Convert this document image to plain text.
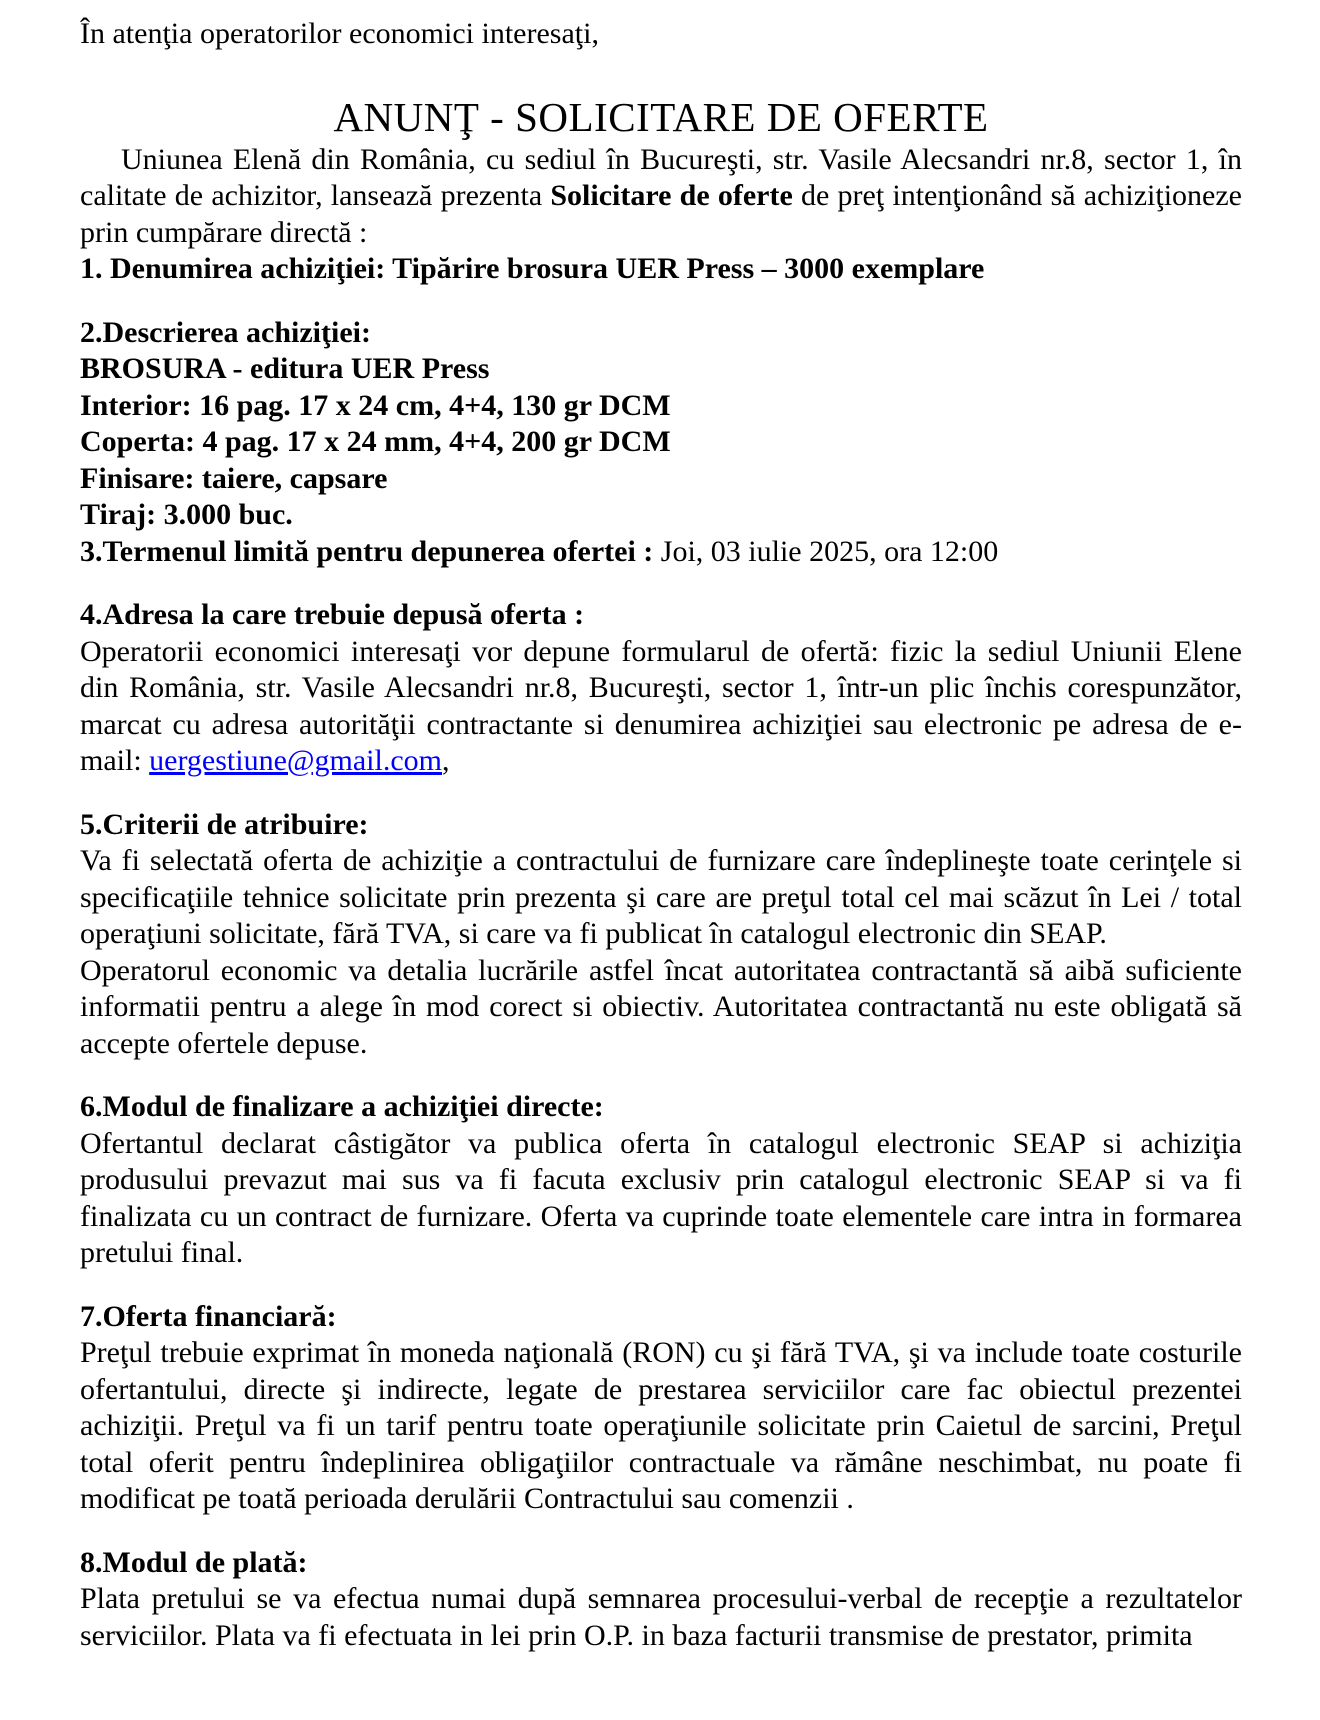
În atenţia operatorilor economici interesaţi,

ANUNŢ - SOLICITARE DE OFERTE

Uniunea Elenă din România, cu sediul în Bucureşti, str. Vasile Alecsandri nr.8, sector 1, în calitate de achizitor, lansează prezenta Solicitare de oferte de preţ intenţionând să achiziţioneze prin cumpărare directă :

1. Denumirea achiziţiei: Tipărire brosura UER Press – 3000 exemplare

2.Descrierea achiziţiei:

BROSURA - editura UER Press

Interior: 16 pag. 17 x 24 cm, 4+4, 130 gr DCM

Coperta: 4 pag. 17 x 24 mm, 4+4, 200 gr DCM

Finisare: taiere, capsare

Tiraj: 3.000 buc.

3.Termenul limită pentru depunerea ofertei : Joi, 03 iulie 2025, ora 12:00

4.Adresa la care trebuie depusă oferta :

Operatorii economici interesaţi vor depune formularul de ofertă: fizic la sediul Uniunii Elene din România, str. Vasile Alecsandri nr.8, Bucureşti, sector 1, într-un plic închis corespunzător, marcat cu adresa autorităţii contractante si denumirea achiziţiei sau electronic pe adresa de e-mail: uergestiune@gmail.com,

5.Criterii de atribuire:

Va fi selectată oferta de achiziţie a contractului de furnizare care îndeplineşte toate cerinţele si specificaţiile tehnice solicitate prin prezenta şi care are preţul total cel mai scăzut în Lei / total operaţiuni solicitate, fără TVA, si care va fi publicat în catalogul electronic din SEAP.

Operatorul economic va detalia lucrările astfel încat autoritatea contractantă să aibă suficiente informatii pentru a alege în mod corect si obiectiv. Autoritatea contractantă nu este obligată să accepte ofertele depuse.

6.Modul de finalizare a achiziţiei directe:

Ofertantul declarat câstigător va publica oferta în catalogul electronic SEAP si achiziţia produsului prevazut mai sus va fi facuta exclusiv prin catalogul electronic SEAP si va fi finalizata cu un contract de furnizare. Oferta va cuprinde toate elementele care intra in formarea pretului final.

7.Oferta financiară:

Preţul trebuie exprimat în moneda naţională (RON) cu şi fără TVA, şi va include toate costurile ofertantului, directe şi indirecte, legate de prestarea serviciilor care fac obiectul prezentei achiziţii. Preţul va fi un tarif pentru toate operaţiunile solicitate prin Caietul de sarcini, Preţul total oferit pentru îndeplinirea obligaţiilor contractuale va rămâne neschimbat, nu poate fi modificat pe toată perioada derulării Contractului sau comenzii .

8.Modul de plată:

Plata pretului se va efectua numai după semnarea procesului-verbal de recepţie a rezultatelor serviciilor. Plata va fi efectuata in lei prin O.P. in baza facturii transmise de prestator, primita
